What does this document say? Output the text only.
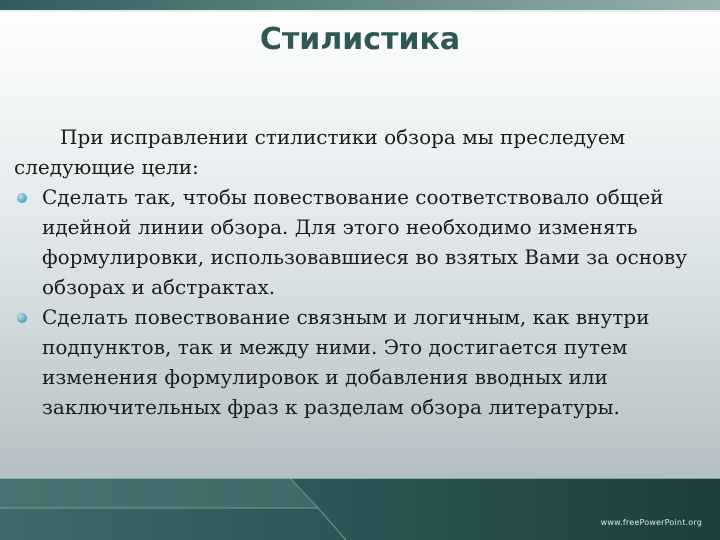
Стилистика

При исправлении стилистики обзора мы преследуем следующие цели:

Сделать так, чтобы повествование соответствовало общей идейной линии обзора. Для этого необходимо изменять формулировки, использовавшиеся во взятых Вами за основу обзорах и абстрактах.
Сделать повествование связным и логичным, как внутри подпунктов, так и между ними. Это достигается путем изменения формулировок и добавления вводных или заключительных фраз к разделам обзора литературы.
www.freePowerPoint.org
